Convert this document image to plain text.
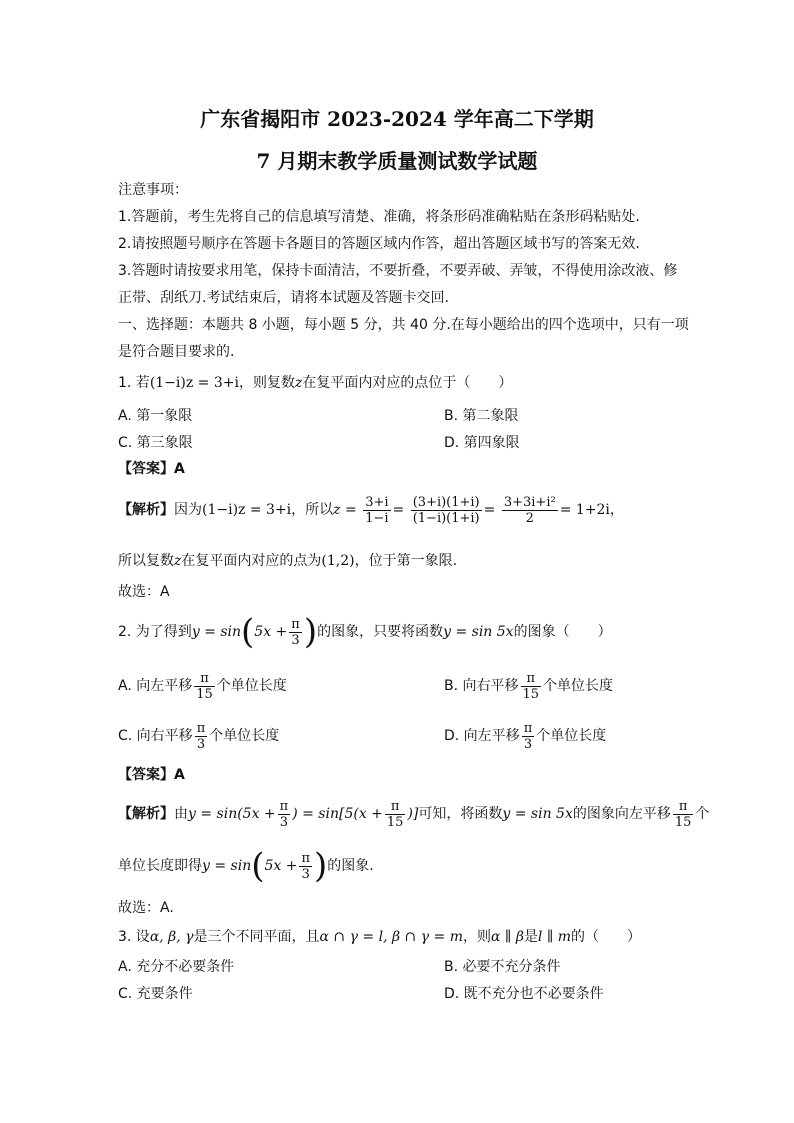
广东省揭阳市 2023-2024 学年高二下学期
7 月期末教学质量测试数学试题
注意事项：
1.答题前，考生先将自己的信息填写清楚、准确，将条形码准确粘贴在条形码粘贴处.
2.请按照题号顺序在答题卡各题目的答题区域内作答，超出答题区域书写的答案无效.
3.答题时请按要求用笔，保持卡面清洁，不要折叠，不要弄破、弄皱，不得使用涂改液、修
正带、刮纸刀.考试结束后，请将本试题及答题卡交回.
一、选择题：本题共 8 小题，每小题 5 分，共 40 分.在每小题给出的四个选项中，只有一项
是符合题目要求的.
1. 若(1−i)z = 3+i，则复数z在复平面内对应的点位于（　　）
A. 第一象限	B. 第二象限
C. 第三象限	D. 第四象限
【答案】A
【解析】因为(1−i)z = 3+i，所以$z = \frac{3+i}{1-i} = \frac{(3+i)(1+i)}{(1-i)(1+i)} = \frac{\text{3+3i+i²}}{2} = 1+2i$，
所以复数z在复平面内对应的点为(1,2)，位于第一象限.
故选：A
2. 为了得到$y = \sin(5x + \frac{\pi}{3}$ )的图象，只要将函数y = sin 5x的图象（　　）
A. 向左平移 $\frac{\pi}{15}$ 个单位长度	B. 向右平移 $\frac{\pi}{15}$ 个单位长度
C. 向右平移 $\frac{\pi}{3}$ 个单位长度	D. 向左平移 $\frac{\pi}{3}$ 个单位长度
【答案】A
【解析】由$y = \sin(5x + \frac{\pi}{3}$ ) = $\sin[5(x + \frac{\pi}{15}$ )]可知，将函数y = sin 5x的图象向左平移 $\frac{\pi}{15}$ 个
单位长度即得$y = \sin(5x + \frac{\pi}{3}$ )的图象.
故选：A.
3. 设α, β, γ是三个不同平面，且α ∩ γ = l, β ∩ γ = m，则α ∥ β是l ∥ m的（　　）
A. 充分不必要条件	B. 必要不充分条件
C. 充要条件	D. 既不充分也不必要条件
